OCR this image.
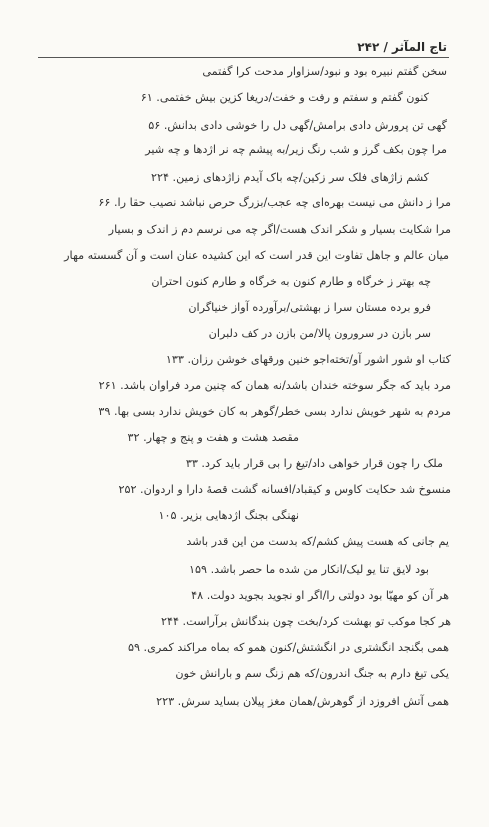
تاج المآثر / ۲۴۲
سخن گفتم نبیره بود و نبود/سزاوار مدحت کرا گفتمی
کنون گفتم و سفتم و رفت و خفت/دریغا کزین بیش خفتمی. ۶۱
گهی تن پرورش دادی برامش/گهی دل را خوشی دادی بدانش. ۵۶
مرا چون بکف گرز و شب رنگ زیر/به پیشم چه نر اژدها و چه شیر
کشم زاژهای فلک سر زکین/چه باک آیدم زاژدهای زمین. ۲۲۴
مرا ز دانش می نیست بهره‌ای چه عجب/بزرگ حرص نباشد نصیب حقا را. ۶۶
مرا شکایت بسیار و شکر اندک هست/اگر چه می نرسم دم ز اندک و بسیار
میان عالم و جاهل تفاوت این قدر است که این کشیده عنان است و آن گسسته مهار
چه بهتر ز خرگاه و طارم کنون به خرگاه و طارم کنون احتران
فرو برده مستان سرا ز بهشتی/برآورده آواز خنیاگران
سر بازن در سرورون پالا/من بازن در کف دلبران
کتاب او شور اشور آو/تخته‌اجو خنین ورقهای خوشن رزان. ۱۳۳
مرد باید که جگر سوخته خندان باشد/نه همان که چنین مرد فراوان باشد. ۲۶۱
مردم به شهر خویش ندارد بسی خطر/گوهر به کان خویش ندارد بسی بها. ۳۹
مقصد هشت و هفت و پنج و چهار. ۳۲
ملک را چون قرار خواهی داد/تیغ را بی قرار باید کرد. ۳۳
منسوخ شد حکایت کاوس و کیقباد/افسانه گشت قصهٔ دارا و اردوان. ۲۵۲
نهنگی بجنگ اژدهایی بزیر. ۱۰۵
یم جانی که هست پیش کشم/که بدست من این قدر باشد
بود لایق تنا یو لیک/انکار من شده ما حصر باشد. ۱۵۹
هر آن کو مهیّا بود دولتی را/اگر او نجوید بجوید دولت. ۴۸
هر کجا موکب تو بهشت کرد/بخت چون بندگانش برآراست. ۲۴۴
همی بگنجد انگشتری در انگشتش/کنون همو که بماه مراکند کمری. ۵۹
یکی تیغ دارم به جنگ اندرون/که هم زنگ سم و بارانش خون
همی آتش افروزد از گوهرش/همان مغز پیلان بساید سرش. ۲۲۳
